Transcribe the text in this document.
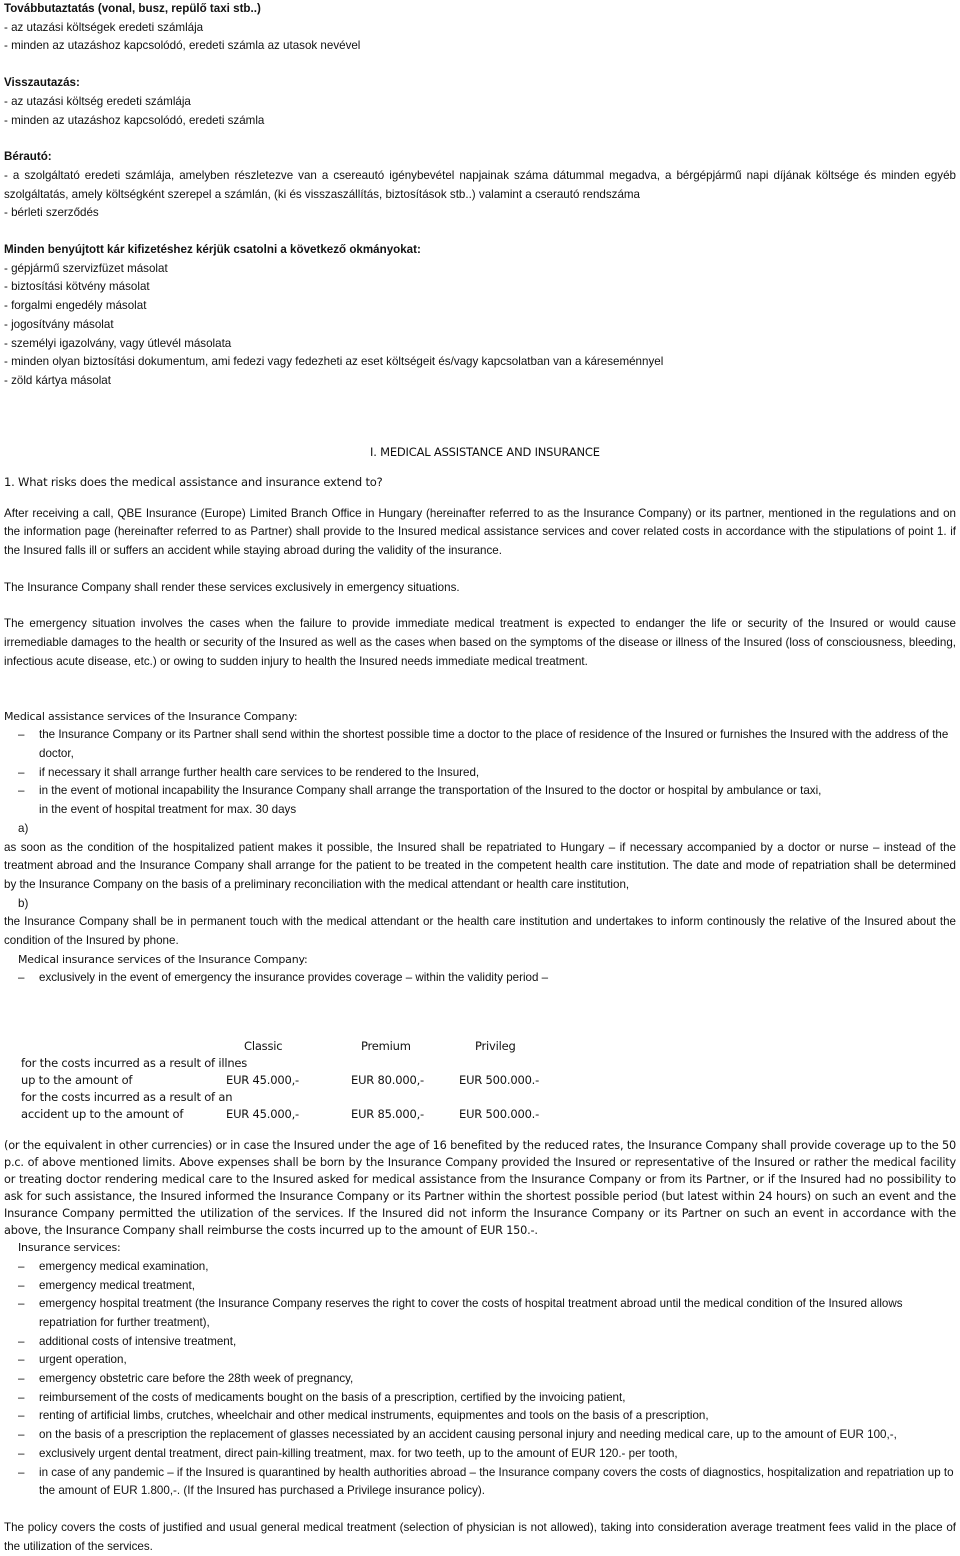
Továbbutaztatás (vonal, busz, repülő taxi stb..)
- az utazási költségek eredeti számlája
- minden az utazáshoz kapcsolódó, eredeti számla az utasok nevével
Visszautazás:
- az utazási költség eredeti számlája
- minden az utazáshoz kapcsolódó, eredeti számla
Bérautó:
- a szolgáltató eredeti számlája, amelyben részletezve van a csereautó igénybevétel napjainak száma dátummal megadva, a bérgépjármű napi díjának költsége és minden egyéb szolgáltatás, amely költségként szerepel a számlán, (ki és visszaszállítás, biztosítások stb..) valamint a cserautó rendszáma
- bérleti szerződés
Minden benyújtott kár kifizetéshez kérjük csatolni a következő okmányokat:
- gépjármű szervizfüzet másolat
- biztosítási kötvény másolat
- forgalmi engedély másolat
- jogosítvány másolat
- személyi igazolvány, vagy útlevél másolata
- minden olyan biztosítási dokumentum, ami fedezi vagy fedezheti az eset költségeit és/vagy kapcsolatban van a káreseménnyel
- zöld kártya másolat
I. MEDICAL ASSISTANCE AND INSURANCE
1. What risks does the medical assistance and insurance extend to?
After receiving a call, QBE Insurance (Europe) Limited Branch Office in Hungary (hereinafter referred to as the Insurance Company) or its partner, mentioned in the regulations and on the information page (hereinafter referred to as Partner) shall provide to the Insured medical assistance services and cover related costs in accordance with the stipulations of point 1. if the Insured falls ill or suffers an accident while staying abroad during the validity of the insurance.
The Insurance Company shall render these services exclusively in emergency situations.
The emergency situation involves the cases when the failure to provide immediate medical treatment is expected to endanger the life or security of the Insured or would cause irremediable damages to the health or security of the Insured as well as the cases when based on the symptoms of the disease or illness of the Insured (loss of consciousness, bleeding, infectious acute disease, etc.) or owing to sudden injury to health the Insured needs immediate medical treatment.
Medical assistance services of the Insurance Company:
–	the Insurance Company or its Partner shall send within the shortest possible time a doctor to the place of residence of the Insured or furnishes the Insured with the address of the doctor,
–	if necessary it shall arrange further health care services to be rendered to the Insured,
–	in the event of motional incapability the Insurance Company shall arrange the transportation of the Insured to the doctor or hospital by ambulance or taxi,
in the event of hospital treatment for max. 30 days
a)
as soon as the condition of the hospitalized patient makes it possible, the Insured shall be repatriated to Hungary – if necessary accompanied by a doctor or nurse – instead of the treatment abroad and the Insurance Company shall arrange for the patient to be treated in the competent health care institution. The date and mode of repatriation shall be determined by the Insurance Company on the basis of a preliminary reconciliation with the medical attendant or health care institution,
b)
the Insurance Company shall be in permanent touch with the medical attendant or the health care institution and undertakes to inform continously the relative of the Insured about the condition of the Insured by phone.
Medical insurance services of the Insurance Company:
–	exclusively in the event of emergency the insurance provides coverage – within the validity period –
	Classic	Premium	Privileg
for the costs incurred as a result of illnes			
up to the amount of	EUR 45.000,-	EUR 80.000,-	EUR 500.000.-
for the costs incurred as a result of an			
accident up to the amount of	EUR 45.000,-	EUR 85.000,-	EUR 500.000.-
(or the equivalent in other currencies) or in case the Insured under the age of 16 benefited by the reduced rates, the Insurance Company shall provide coverage up to the 50 p.c. of above mentioned limits. Above expenses shall be born by the Insurance Company provided the Insured or representative of the Insured or rather the medical facility or treating doctor rendering medical care to the Insured asked for medical assistance from the Insurance Company or from its Partner, or if the Insured had no possibility to ask for such assistance, the Insured informed the Insurance Company or its Partner within the shortest possible period (but latest within 24 hours) on such an event and the Insurance Company permitted the utilization of the services. If the Insured did not inform the Insurance Company or its Partner on such an event in accordance with the above, the Insurance Company shall reimburse the costs incurred up to the amount of EUR 150.-.
Insurance services:
–	emergency medical examination,
–	emergency medical treatment,
–	emergency hospital treatment (the Insurance Company reserves the right to cover the costs of hospital treatment abroad until the medical condition of the Insured allows repatriation for further treatment),
–	additional costs of intensive treatment,
–	urgent operation,
–	emergency obstetric care before the 28th week of pregnancy,
–	reimbursement of the costs of medicaments bought on the basis of a prescription, certified by the invoicing patient,
–	renting of artificial limbs, crutches, wheelchair and other medical instruments, equipmentes and tools on the basis of a prescription,
–	on the basis of a prescription the replacement of glasses necessiated by an accident causing personal injury and needing medical care, up to the amount of EUR 100,-,
–	exclusively urgent dental treatment, direct pain-killing treatment, max. for two teeth, up to the amount of EUR 120.- per tooth,
–	in case of any pandemic – if the Insured is quarantined by health authorities abroad – the Insurance company covers the costs of diagnostics, hospitalization and repatriation up to the amount of EUR 1.800,-. (If the Insured has purchased a Privilege insurance policy).
The policy covers the costs of justified and usual general medical treatment (selection of physician is not allowed), taking into consideration average treatment fees valid in the place of the utilization of the services.
